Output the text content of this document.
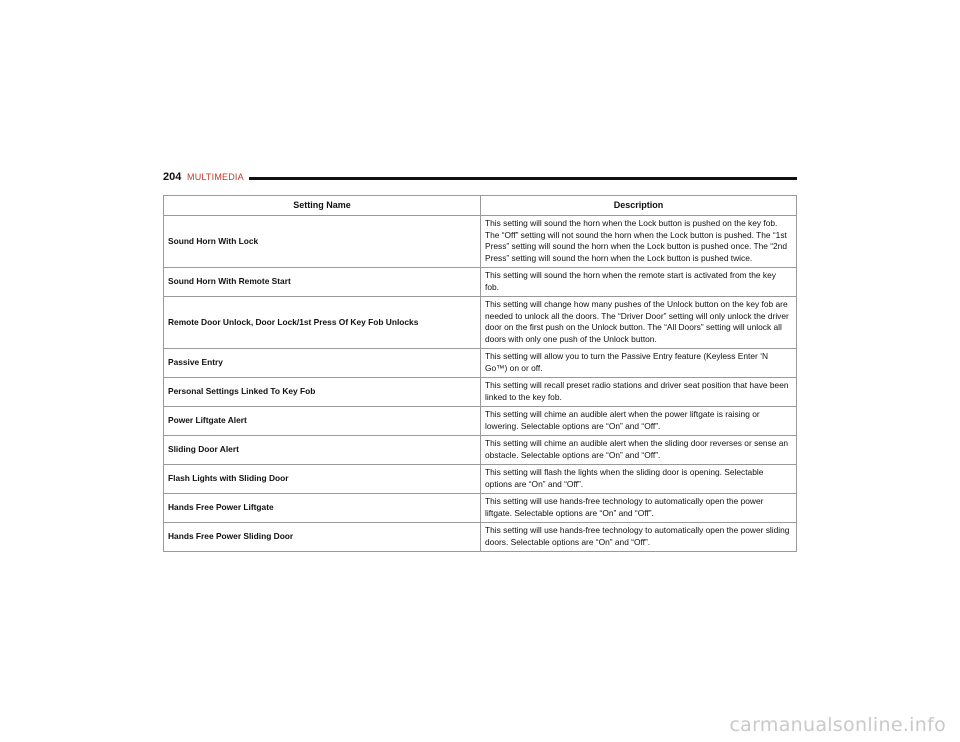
204 MULTIMEDIA
Setting Name	Description
Sound Horn With Lock	This setting will sound the horn when the Lock button is pushed on the key fob. The “Off” setting will not sound the horn when the Lock button is pushed. The “1st Press” setting will sound the horn when the Lock button is pushed once. The “2nd Press” setting will sound the horn when the Lock button is pushed twice.
Sound Horn With Remote Start	This setting will sound the horn when the remote start is activated from the key fob.
Remote Door Unlock, Door Lock/1st Press Of Key Fob Unlocks	This setting will change how many pushes of the Unlock button on the key fob are needed to unlock all the doors. The “Driver Door” setting will only unlock the driver door on the first push on the Unlock button. The “All Doors” setting will unlock all doors with only one push of the Unlock button.
Passive Entry	This setting will allow you to turn the Passive Entry feature (Keyless Enter ‘N Go™) on or off.
Personal Settings Linked To Key Fob	This setting will recall preset radio stations and driver seat position that have been linked to the key fob.
Power Liftgate Alert	This setting will chime an audible alert when the power liftgate is raising or lowering. Selectable options are “On” and “Off”.
Sliding Door Alert	This setting will chime an audible alert when the sliding door reverses or sense an obstacle. Selectable options are “On” and “Off”.
Flash Lights with Sliding Door	This setting will flash the lights when the sliding door is opening. Selectable options are “On” and “Off”.
Hands Free Power Liftgate	This setting will use hands-free technology to automatically open the power liftgate. Selectable options are “On” and “Off”.
Hands Free Power Sliding Door	This setting will use hands-free technology to automatically open the power sliding doors. Selectable options are “On” and “Off”.
carmanualsonline.info
